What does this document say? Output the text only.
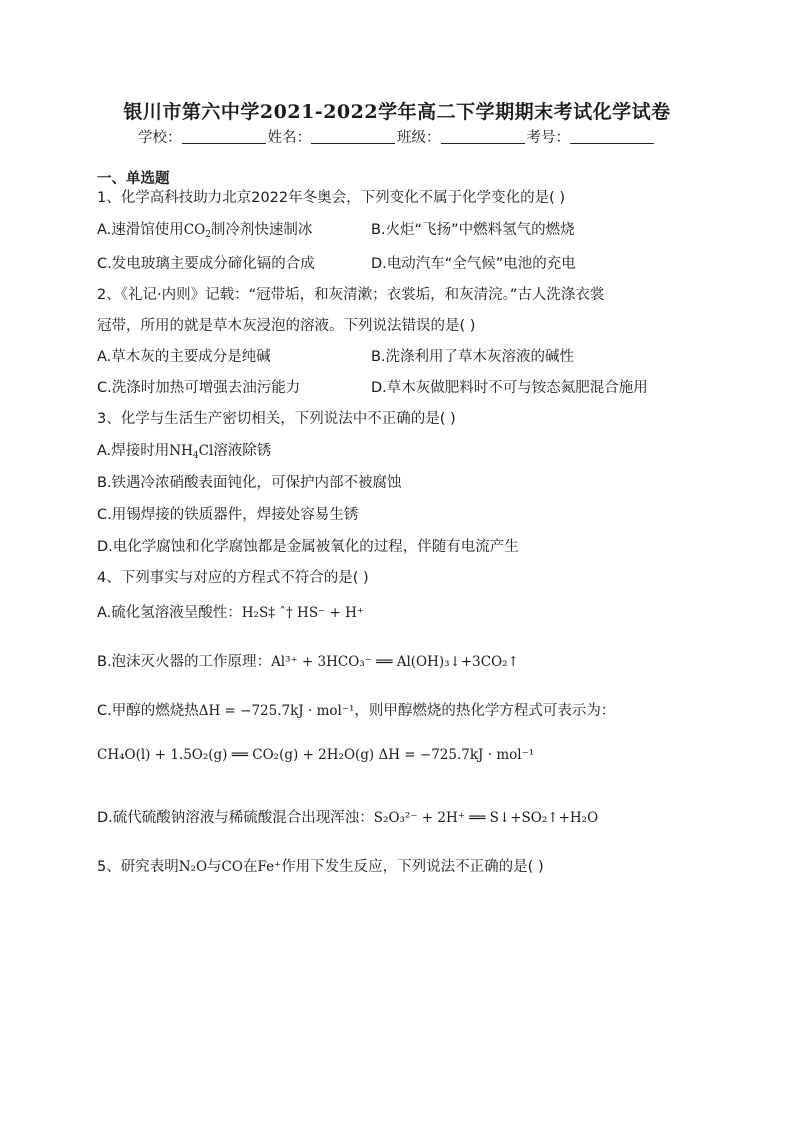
银川市第六中学2021-2022学年高二下学期期末考试化学试卷
学校：	姓名：	班级：	考号：
一、单选题
1、化学高科技助力北京2022年冬奥会，下列变化不属于化学变化的是( )
A.速滑馆使用$CO_2$制冷剂快速制冰	B.火炬“飞扬”中燃料氢气的燃烧
C.发电玻璃主要成分碲化镉的合成	D.电动汽车“全气候”电池的充电
2、《礼记·内则》记载：“冠带垢，和灰清漱；衣裳垢，和灰清浣。”古人洗涤衣裳
冠带，所用的就是草木灰浸泡的溶液。下列说法错误的是( )
A.草木灰的主要成分是纯碱	B.洗涤利用了草木灰溶液的碱性
C.洗涤时加热可增强去油污能力	D.草木灰做肥料时不可与铵态氮肥混合施用
3、化学与生活生产密切相关，下列说法中不正确的是( )
A.焊接时用$NH_4Cl$溶液除锈
B.铁遇冷浓硝酸表面钝化，可保护内部不被腐蚀
C.用锡焊接的铁质器件，焊接处容易生锈
D.电化学腐蚀和化学腐蚀都是金属被氧化的过程，伴随有电流产生
4、下列事实与对应的方程式不符合的是( )
A.硫化氢溶液呈酸性：H₂S‡ ˆ† HS⁻ + H⁺
B.泡沫灭火器的工作原理：Al³⁺ + 3HCO₃⁻ ══ Al(OH)₃↓+3CO₂↑
C.甲醇的燃烧热ΔH = −725.7kJ · mol⁻¹，则甲醇燃烧的热化学方程式可表示为：
CH₄O(l) + 1.5O₂(g) ══ CO₂(g) + 2H₂O(g) ΔH = −725.7kJ · mol⁻¹
D.硫代硫酸钠溶液与稀硫酸混合出现浑浊：S₂O₃²⁻ + 2H⁺ ══ S↓+SO₂↑+H₂O
5、研究表明N₂O与CO在Fe⁺作用下发生反应，下列说法不正确的是( )
